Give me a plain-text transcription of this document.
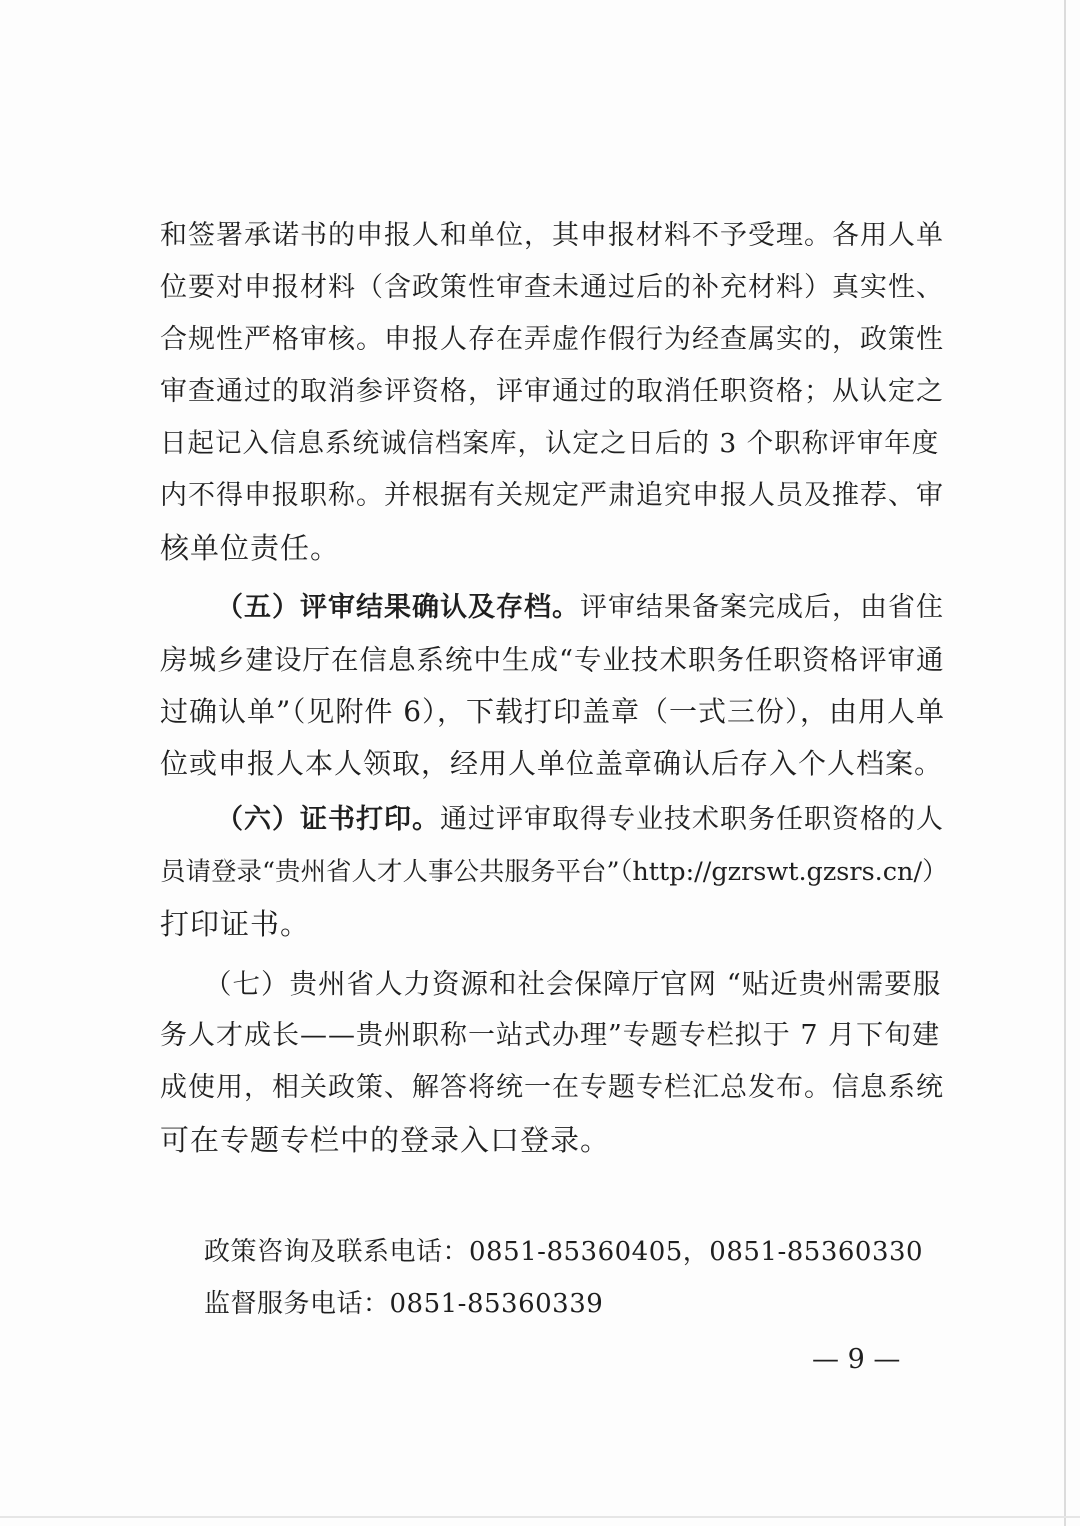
和签署承诺书的申报人和单位，其申报材料不予受理。各用人单
位要对申报材料（含政策性审查未通过后的补充材料）真实性、
合规性严格审核。申报人存在弄虚作假行为经查属实的，政策性
审查通过的取消参评资格，评审通过的取消任职资格；从认定之
日起记入信息系统诚信档案库，认定之日后的 3 个职称评审年度
内不得申报职称。并根据有关规定严肃追究申报人员及推荐、审
核单位责任。
（五）评审结果确认及存档。评审结果备案完成后，由省住
房城乡建设厅在信息系统中生成“专业技术职务任职资格评审通
过确认单”（见附件 6），下载打印盖章（一式三份），由用人单
位或申报人本人领取，经用人单位盖章确认后存入个人档案。
（六）证书打印。通过评审取得专业技术职务任职资格的人
员请登录“贵州省人才人事公共服务平台”（http://gzrswt.gzsrs.cn/）
打印证书。
（七）贵州省人力资源和社会保障厅官网 “贴近贵州需要服
务人才成长——贵州职称一站式办理”专题专栏拟于 7 月下旬建
成使用，相关政策、解答将统一在专题专栏汇总发布。信息系统
可在专题专栏中的登录入口登录。
政策咨询及联系电话：0851-85360405，0851-85360330
监督服务电话：0851-85360339
— 9 —
